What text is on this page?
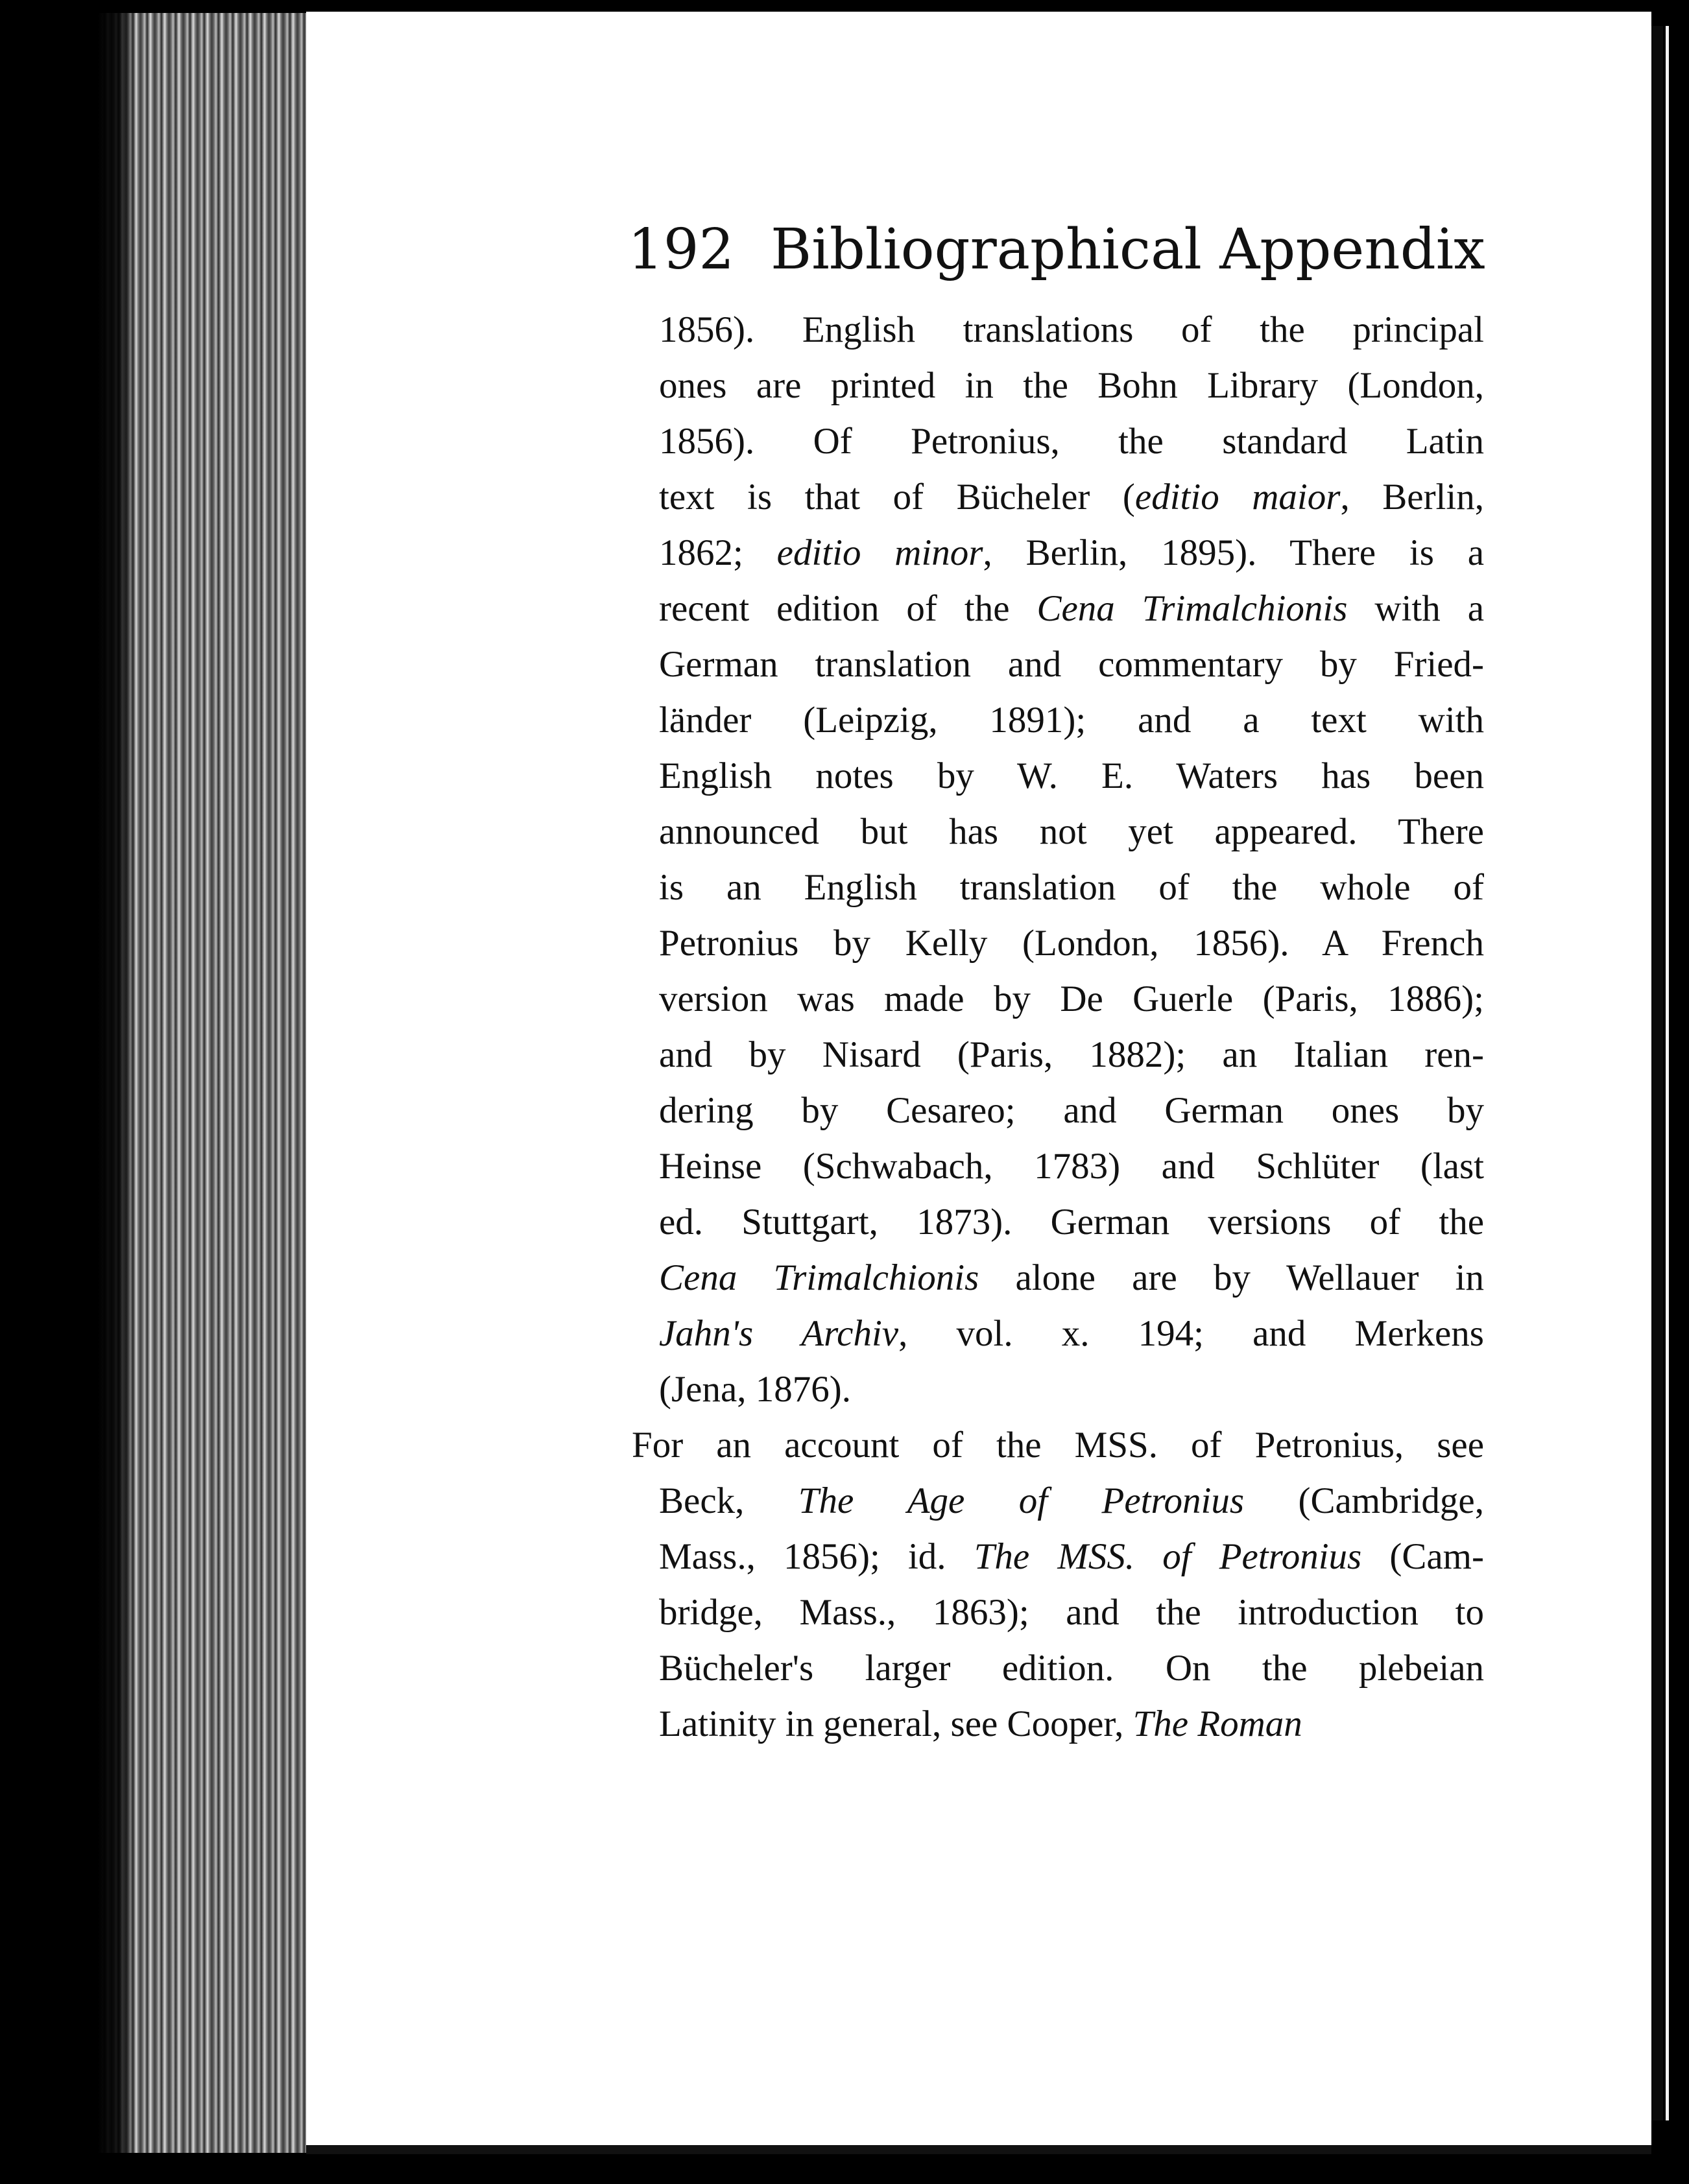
192 Bibliographical Appendix
1856). English translations of the principal
ones are printed in the Bohn Library (London,
1856). Of Petronius, the standard Latin
text is that of Bücheler (editio maior, Berlin,
1862; editio minor, Berlin, 1895). There is a
recent edition of the Cena Trimalchionis with a
German translation and commentary by Fried-
länder (Leipzig, 1891); and a text with
English notes by W. E. Waters has been
announced but has not yet appeared. There
is an English translation of the whole of
Petronius by Kelly (London, 1856). A French
version was made by De Guerle (Paris, 1886);
and by Nisard (Paris, 1882); an Italian ren-
dering by Cesareo; and German ones by
Heinse (Schwabach, 1783) and Schlüter (last
ed. Stuttgart, 1873). German versions of the
Cena Trimalchionis alone are by Wellauer in
Jahn's Archiv, vol. x. 194; and Merkens
(Jena, 1876).
For an account of the MSS. of Petronius, see
Beck, The Age of Petronius (Cambridge,
Mass., 1856); id. The MSS. of Petronius (Cam-
bridge, Mass., 1863); and the introduction to
Bücheler's larger edition. On the plebeian
Latinity in general, see Cooper, The Roman
